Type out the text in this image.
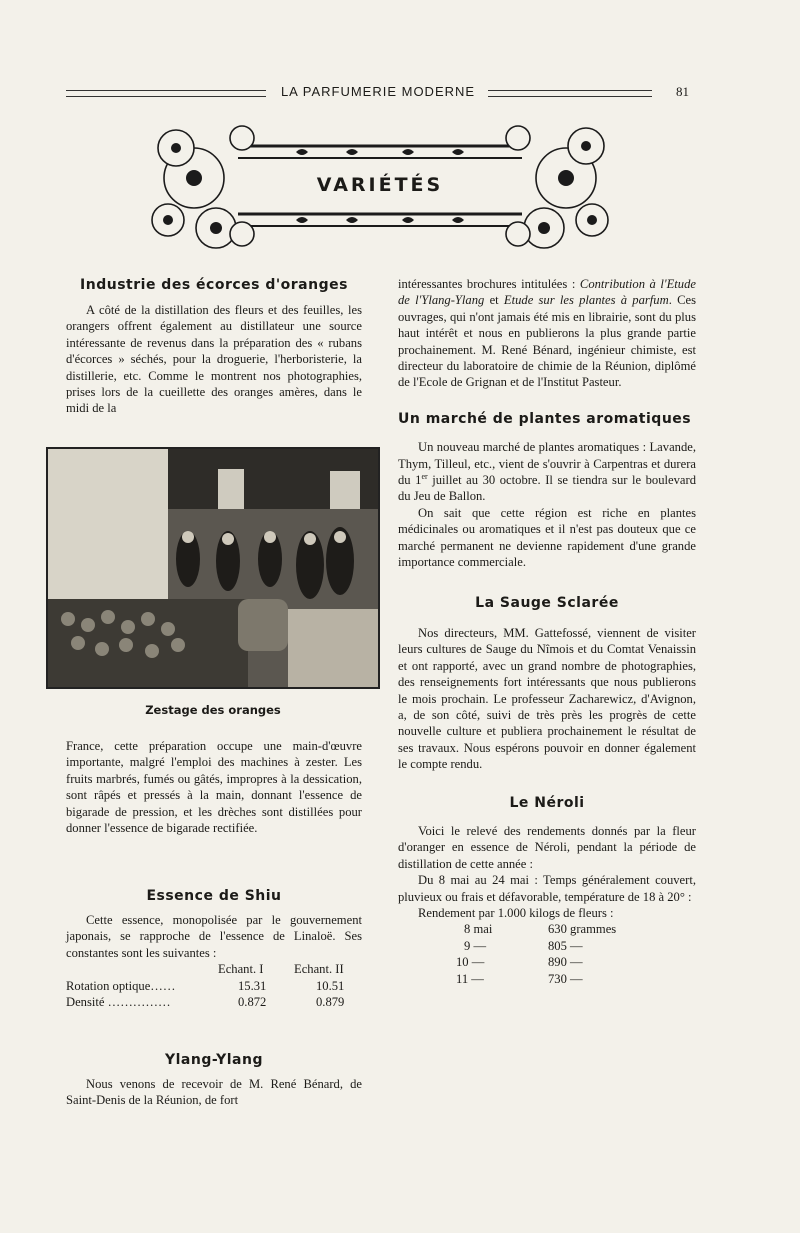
LA PARFUMERIE MODERNE	81
VARIÉTÉS
Industrie des écorces d'oranges

A côté de la distillation des fleurs et des feuilles, les orangers offrent également au distillateur une source intéressante de revenus dans la préparation des « rubans d'écorces » séchés, pour la droguerie, l'herboristerie, la distillerie, etc. Comme le montrent nos photographies, prises lors de la cueillette des oranges amères, dans le midi de la

Zestage des oranges

France, cette préparation occupe une main-d'œuvre importante, malgré l'emploi des machines à zester. Les fruits marbrés, fumés ou gâtés, impropres à la dessication, sont râpés et pressés à la main, donnant l'essence de bigarade de pression, et les drèches sont distillées pour donner l'essence de bigarade rectifiée.

Essence de Shiu

Cette essence, monopolisée par le gouvernement japonais, se rapproche de l'essence de Linaloë. Ses constantes sont les suivantes :

Echant. I Echant. II
Rotation optique……	15.31	10.51
Densité ……………	0.872	0.879
Ylang-Ylang

Nous venons de recevoir de M. René Bénard, de Saint-Denis de la Réunion, de fort

intéressantes brochures intitulées : Contribution à l'Etude de l'Ylang-Ylang et Etude sur les plantes à parfum. Ces ouvrages, qui n'ont jamais été mis en librairie, sont du plus haut intérêt et nous en publierons la plus grande partie prochainement. M. René Bénard, ingénieur chimiste, est directeur du laboratoire de chimie de la Réunion, diplômé de l'Ecole de Grignan et de l'Institut Pasteur.

Un marché de plantes aromatiques

Un nouveau marché de plantes aromatiques : Lavande, Thym, Tilleul, etc., vient de s'ouvrir à Carpentras et durera du 1er juillet au 30 octobre. Il se tiendra sur le boulevard du Jeu de Ballon.

On sait que cette région est riche en plantes médicinales ou aromatiques et il n'est pas douteux que ce marché permanent ne devienne rapidement d'une grande importance commerciale.

La Sauge Sclarée

Nos directeurs, MM. Gattefossé, viennent de visiter leurs cultures de Sauge du Nîmois et du Comtat Venaissin et ont rapporté, avec un grand nombre de photographies, des renseignements fort intéressants que nous publierons le mois prochain. Le professeur Zacharewicz, d'Avignon, a, de son côté, suivi de très près les progrès de cette nouvelle culture et publiera prochainement le résultat de ses travaux. Nous espérons pouvoir en donner également le compte rendu.

Le Néroli

Voici le relevé des rendements donnés par la fleur d'oranger en essence de Néroli, pendant la période de distillation de cette année :

Du 8 mai au 24 mai : Temps généralement couvert, pluvieux ou frais et défavorable, température de 18 à 20° :

Rendement par 1.000 kilogs de fleurs :

8 mai	630 grammes
9 —	805 —
10 —	890 —
11 —	730 —
